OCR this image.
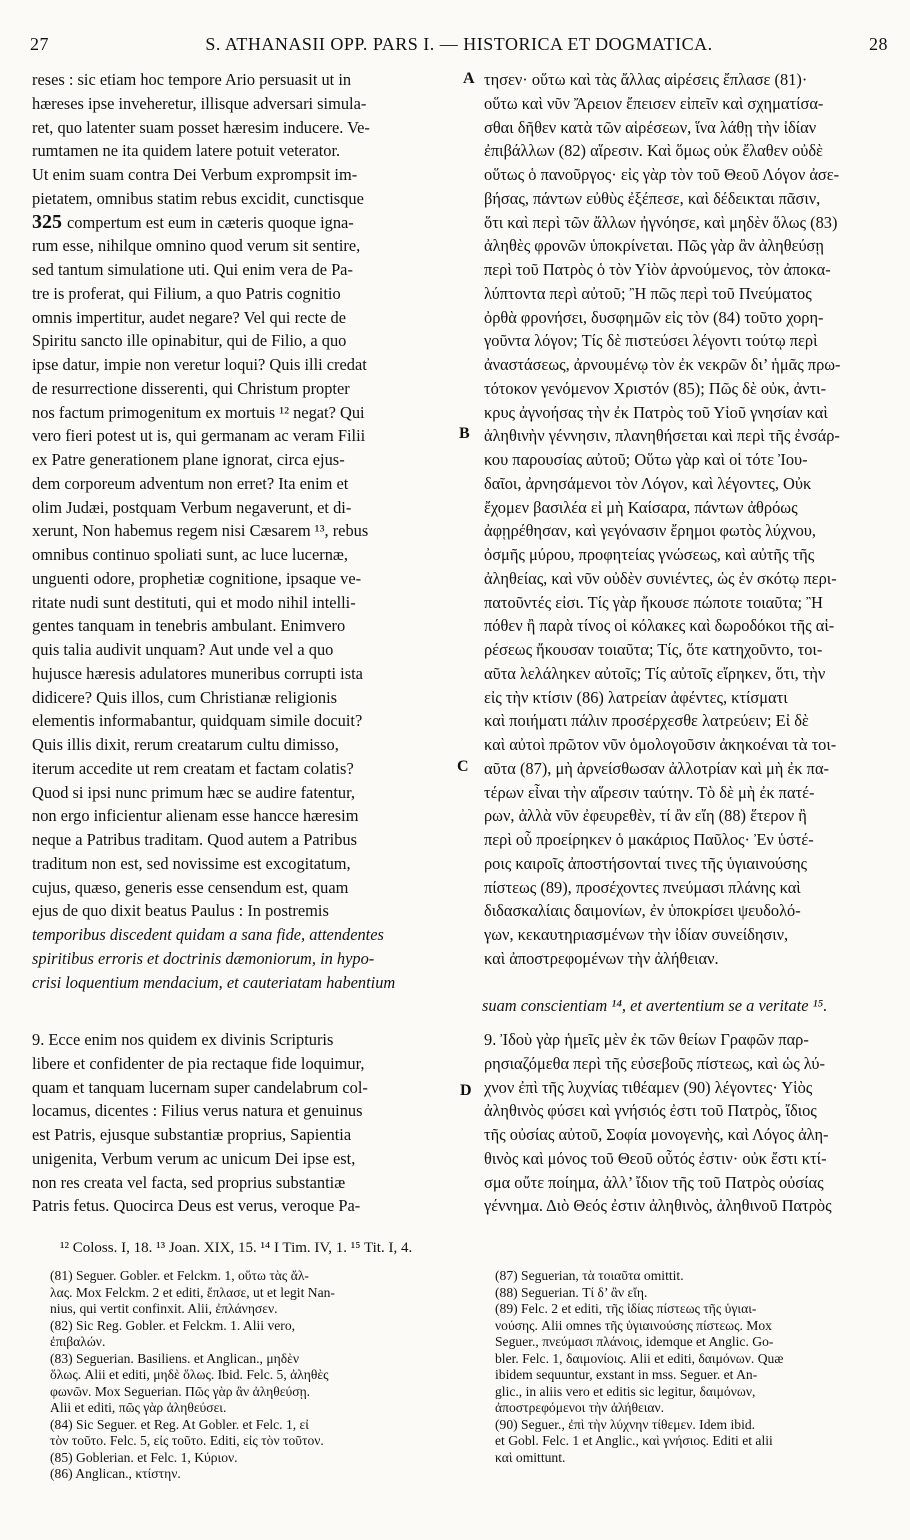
27	S. ATHANASII OPP. PARS I. — HISTORICA ET DOGMATICA.	28
reses : sic etiam hoc tempore Ario persuasit ut in
hæreses ipse inveheretur, illisque adversari simula-
ret, quo latenter suam posset hæresim inducere. Ve-
rumtamen ne ita quidem latere potuit veterator.
Ut enim suam contra Dei Verbum exprompsit im-
pietatem, omnibus statim rebus excidit, cunctisque
325 compertum est eum in cæteris quoque igna-
rum esse, nihilque omnino quod verum sit sentire,
sed tantum simulatione uti. Qui enim vera de Pa-
tre is proferat, qui Filium, a quo Patris cognitio
omnis impertitur, audet negare? Vel qui recte de
Spiritu sancto ille opinabitur, qui de Filio, a quo
ipse datur, impie non veretur loqui? Quis illi credat
de resurrectione disserenti, qui Christum propter
nos factum primogenitum ex mortuis ¹² negat? Qui
vero fieri potest ut is, qui germanam ac veram Filii
ex Patre generationem plane ignorat, circa ejus-
dem corporeum adventum non erret? Ita enim et
olim Judæi, postquam Verbum negaverunt, et di-
xerunt, Non habemus regem nisi Cæsarem ¹³, rebus
omnibus continuo spoliati sunt, ac luce lucernæ,
unguenti odore, prophetiæ cognitione, ipsaque ve-
ritate nudi sunt destituti, qui et modo nihil intelli-
gentes tanquam in tenebris ambulant. Enimvero
quis talia audivit unquam? Aut unde vel a quo
hujusce hæresis adulatores muneribus corrupti ista
didicere? Quis illos, cum Christianæ religionis
elementis informabantur, quidquam simile docuit?
Quis illis dixit, rerum creatarum cultu dimisso,
iterum accedite ut rem creatam et factam colatis?
Quod si ipsi nunc primum hæc se audire fatentur,
non ergo inficientur alienam esse hancce hæresim
neque a Patribus traditam. Quod autem a Patribus
traditum non est, sed novissime est excogitatum,
cujus, quæso, generis esse censendum est, quam
ejus de quo dixit beatus Paulus : In postremis
temporibus discedent quidam a sana fide, attendentes
spiritibus erroris et doctrinis dæmoniorum, in hypo-
crisi loquentium mendacium, et cauteriatam habentium
suam conscientiam ¹⁴, et avertentium se a veritate ¹⁵.
τησεν· οὕτω καὶ τὰς ἄλλας αἱρέσεις ἔπλασε (81)·
οὕτω καὶ νῦν Ἄρειον ἔπεισεν εἰπεῖν καὶ σχηματίσα-
σθαι δῆθεν κατὰ τῶν αἱρέσεων, ἵνα λάθῃ τὴν ἰδίαν
ἐπιβάλλων (82) αἵρεσιν. Καὶ ὅμως οὐκ ἔλαθεν οὐδὲ
οὕτως ὁ πανοῦργος· εἰς γὰρ τὸν τοῦ Θεοῦ Λόγον ἀσε-
βήσας, πάντων εὐθὺς ἐξέπεσε, καὶ δέδεικται πᾶσιν,
ὅτι καὶ περὶ τῶν ἄλλων ἠγνόησε, καὶ μηδὲν ὅλως (83)
ἀληθὲς φρονῶν ὑποκρίνεται. Πῶς γὰρ ἂν ἀληθεύσῃ
περὶ τοῦ Πατρὸς ὁ τὸν Υἱὸν ἀρνούμενος, τὸν ἀποκα-
λύπτοντα περὶ αὐτοῦ; Ἢ πῶς περὶ τοῦ Πνεύματος
ὀρθὰ φρονήσει, δυσφημῶν εἰς τὸν (84) τοῦτο χορη-
γοῦντα λόγον; Τίς δὲ πιστεύσει λέγοντι τούτῳ περὶ
ἀναστάσεως, ἀρνουμένῳ τὸν ἐκ νεκρῶν δι’ ἡμᾶς πρω-
τότοκον γενόμενον Χριστόν (85); Πῶς δὲ οὐκ, ἀντι-
κρυς ἀγνοήσας τὴν ἐκ Πατρὸς τοῦ Υἱοῦ γνησίαν καὶ
ἀληθινὴν γέννησιν, πλανηθήσεται καὶ περὶ τῆς ἐνσάρ-
κου παρουσίας αὐτοῦ; Οὕτω γὰρ καὶ οἱ τότε Ἰου-
δαῖοι, ἀρνησάμενοι τὸν Λόγον, καὶ λέγοντες, Οὐκ
ἔχομεν βασιλέα εἰ μὴ Καίσαρα, πάντων ἀθρόως
ἀφῃρέθησαν, καὶ γεγόνασιν ἔρημοι φωτὸς λύχνου,
ὀσμῆς μύρου, προφητείας γνώσεως, καὶ αὐτῆς τῆς
ἀληθείας, καὶ νῦν οὐδὲν συνιέντες, ὡς ἐν σκότῳ περι-
πατοῦντές εἰσι. Τίς γὰρ ἤκουσε πώποτε τοιαῦτα; Ἢ
πόθεν ἢ παρὰ τίνος οἱ κόλακες καὶ δωροδόκοι τῆς αἱ-
ρέσεως ἤκουσαν τοιαῦτα; Τίς, ὅτε κατηχοῦντο, τοι-
αῦτα λελάληκεν αὐτοῖς; Τίς αὐτοῖς εἴρηκεν, ὅτι, τὴν
εἰς τὴν κτίσιν (86) λατρείαν ἀφέντες, κτίσματι
καὶ ποιήματι πάλιν προσέρχεσθε λατρεύειν; Εἰ δὲ
καὶ αὐτοὶ πρῶτον νῦν ὁμολογοῦσιν ἀκηκοέναι τὰ τοι-
αῦτα (87), μὴ ἀρνείσθωσαν ἀλλοτρίαν καὶ μὴ ἐκ πα-
τέρων εἶναι τὴν αἵρεσιν ταύτην. Τὸ δὲ μὴ ἐκ πατέ-
ρων, ἀλλὰ νῦν ἐφευρεθὲν, τί ἂν εἴη (88) ἕτερον ἢ
περὶ οὗ προείρηκεν ὁ μακάριος Παῦλος· Ἐν ὑστέ-
ροις καιροῖς ἀποστήσονταί τινες τῆς ὑγιαινούσης
πίστεως (89), προσέχοντες πνεύμασι πλάνης καὶ
διδασκαλίαις δαιμονίων, ἐν ὑποκρίσει ψευδολό-
γων, κεκαυτηριασμένων τὴν ἰδίαν συνείδησιν,
καὶ ἀποστρεφομένων τὴν ἀλήθειαν.
A
B
C
D
9. Ecce enim nos quidem ex divinis Scripturis
libere et confidenter de pia rectaque fide loquimur,
quam et tanquam lucernam super candelabrum col-
locamus, dicentes : Filius verus natura et genuinus
est Patris, ejusque substantiæ proprius, Sapientia
unigenita, Verbum verum ac unicum Dei ipse est,
non res creata vel facta, sed proprius substantiæ
Patris fetus. Quocirca Deus est verus, veroque Pa-
9. Ἰδοὺ γὰρ ἡμεῖς μὲν ἐκ τῶν θείων Γραφῶν παρ-
ρησιαζόμεθα περὶ τῆς εὐσεβοῦς πίστεως, καὶ ὡς λύ-
χνον ἐπὶ τῆς λυχνίας τιθέαμεν (90) λέγοντες· Υἱὸς
ἀληθινὸς φύσει καὶ γνήσιός ἐστι τοῦ Πατρὸς, ἴδιος
τῆς οὐσίας αὐτοῦ, Σοφία μονογενὴς, καὶ Λόγος ἀλη-
θινὸς καὶ μόνος τοῦ Θεοῦ οὗτός ἐστιν· οὐκ ἔστι κτί-
σμα οὔτε ποίημα, ἀλλ’ ἴδιον τῆς τοῦ Πατρὸς οὐσίας
γέννημα. Διὸ Θεός ἐστιν ἀληθινὸς, ἀληθινοῦ Πατρὸς
¹² Coloss. I, 18. ¹³ Joan. XIX, 15. ¹⁴ I Tim. IV, 1. ¹⁵ Tit. I, 4.
(81) Seguer. Gobler. et Felckm. 1, οὕτω τὰς ἄλ-
λας. Mox Felckm. 2 et editi, ἔπλασε, ut et legit Nan-
nius, qui vertit confinxit. Alii, ἐπλάνησεν.
(82) Sic Reg. Gobler. et Felckm. 1. Alii vero,
ἐπιβαλών.
(83) Seguerian. Basiliens. et Anglican., μηδὲν
ὅλως. Alii et editi, μηδὲ ὅλως. Ibid. Felc. 5, ἀληθὲς
φωνῶν. Mox Seguerian. Πῶς γὰρ ἂν ἀληθεύσῃ.
Alii et editi, πῶς γὰρ ἀληθεύσει.
(84) Sic Seguer. et Reg. At Gobler. et Felc. 1, εἰ
τὸν τοῦτο. Felc. 5, εἰς τοῦτο. Editi, εἰς τὸν τοῦτον.
(85) Goblerian. et Felc. 1, Κύριον.
(86) Anglican., κτίστην.
(87) Seguerian, τὰ τοιαῦτα omittit.
(88) Seguerian. Τί δ’ ἂν εἴη.
(89) Felc. 2 et editi, τῆς ἰδίας πίστεως τῆς ὑγιαι-
νούσης. Alii omnes τῆς ὑγιαινούσης πίστεως. Mox
Seguer., πνεύμασι πλάνοις, idemque et Anglic. Go-
bler. Felc. 1, δαιμονίοις. Alii et editi, δαιμόνων. Quæ
ibidem sequuntur, exstant in mss. Seguer. et An-
glic., in aliis vero et editis sic legitur, δαιμόνων,
ἀποστρεφόμενοι τὴν ἀλήθειαν.
(90) Seguer., ἐπὶ τὴν λύχνην τίθεμεν. Idem ibid.
et Gobl. Felc. 1 et Anglic., καὶ γνήσιος. Editi et alii
καὶ omittunt.
